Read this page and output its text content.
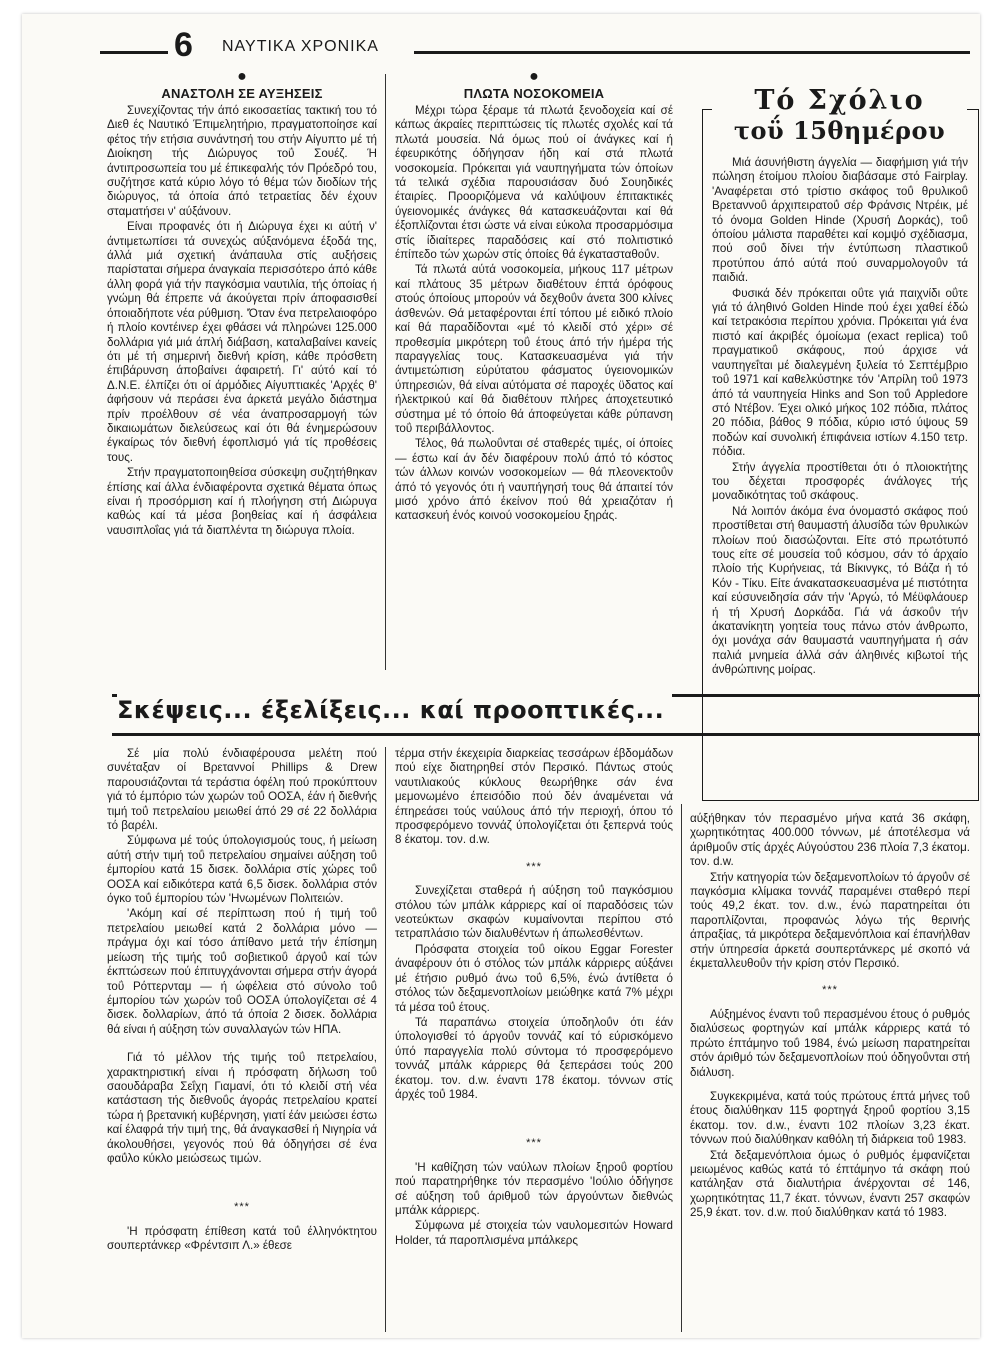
6 ΝΑΥΤΙΚΑ ΧΡΟΝΙΚΑ
●
ΑΝΑΣΤΟΛΗ ΣΕ ΑΥΞΗΣΕΙΣ

Συνεχίζοντας τήν άπό εικοσαετίας τακτική του τό Διεθ ές Ναυτικό Έπιμελητήριο, πραγματοποίησε καί φέτος τήν ετήσια συνάντησή του στήν Αίγυπτο μέ τή Διοίκηση τής Διώρυγος τοΰ Σουέζ. Ή άντιπροσωπεία του μέ έπικεφαλής τόν Πρόεδρό του, συζήτησε κατά κύριο λόγο τό θέμα τών διοδίων τής διώρυγος, τά όποία άπό τετραετίας δέν έχουν σταματήσει ν' αύξάνουν.

Είναι προφανές ότι ή Διώρυγα έχει κι αύτή ν' άντιμετωπίσει τά συνεχώς αύξανόμενα έξοδά της, άλλά μιά σχετική άνάπαυλα στίς αυξήσεις παρίσταται σήμερα άναγκαία περισσότερο άπό κάθε άλλη φορά γιά τήν παγκόσμια ναυτιλία, τής όποίας ή γνώμη θά έπρεπε νά άκούγεται πρίν άποφασισθεί όποιαδήποτε νέα ρύθμιση. 'Όταν ένα πετρελαιοφόρο ή πλοίο κοντέινερ έχει φθάσει νά πληρώνει 125.000 δολλάρια γιά μιά άπλή διάβαση, καταλαβαίνει κανείς ότι μέ τή σημερινή διεθνή κρίση, κάθε πρόσθετη έπιβάρυνση άποβαίνει άφαιρετή. Γι' αύτό καί τό Δ.Ν.Ε. έλπίζει ότι οί άρμόδιες Αίγυπτιακές 'Αρχές θ' άφήσουν νά περάσει ένα άρκετά μεγάλο διάστημα πρίν προέλθουν σέ νέα άναπροσαρμογή τών δικαιωμάτων διελεύσεως καί ότι θά ένημερώσουν έγκαίρως τόν διεθνή έφοπλισμό γιά τίς προθέσεις τους.

Στήν πραγματοποιηθείσα σύσκεψη συζητήθηκαν έπίσης καί άλλα ένδιαφέροντα σχετικά θέματα όπως είναι ή προσόρμιση καί ή πλοήγηση στή Διώρυγα καθώς καί τά μέσα βοηθείας καί ή άσφάλεια ναυσιπλοΐας γιά τά διαπλέντα τη διώρυγα πλοία.

●
ΠΛΩΤΑ ΝΟΣΟΚΟΜΕΙΑ

Μέχρι τώρα ξέραμε τά πλωτά ξενοδοχεία καί σέ κάπως άκραίες περιπτώσεις τίς πλωτές σχολές καί τά πλωτά μουσεία. Νά όμως πού οί άνάγκες καί ή έφευρικότης όδήγησαν ήδη καί στά πλωτά νοσοκομεία. Πρόκειται γιά ναυπηγήματα τών όποίων τά τελικά σχέδια παρουσιάσαν δυό Σουηδικές έταιρίες. Προοριζόμενα νά καλύψουν έπιτακτικές ύγειονομικές άνάγκες θά κατασκευάζονται καί θά έξοπλίζονται έτσι ώστε νά είναι εύκολα προσαρμόσιμα στίς ίδιαίτερες παραδόσεις καί στό πολιτιστικό έπίπεδο τών χωρών στίς όποίες θά έγκατασταθοΰν.

Τά πλωτά αύτά νοσοκομεία, μήκους 117 μέτρων καί πλάτους 35 μέτρων διαθέτουν έπτά όρόφους στούς όποίους μπορούν νά δεχθοΰν άνετα 300 κλίνες άσθενών. Θά μεταφέρονται έπί τόπου μέ ειδικό πλοίο καί θά παραδίδονται «μέ τό κλειδί στό χέρι» σέ προθεσμία μικρότερη τοΰ έτους άπό τήν ήμέρα τής παραγγελίας τους. Κατασκευασμένα γιά τήν άντιμετώπιση εύρύτατου φάσματος ύγειονομικών ύπηρεσιών, θά είναι αύτόματα σέ παροχές ϋδατος καί ήλεκτρικού καί θά διαθέτουν πλήρες άποχετευτικό σύστημα μέ τό όποίο θά άποφεύγεται κάθε ρύπανση τοΰ περιβάλλοντος.

Τέλος, θά πωλοΰνται σέ σταθερές τιμές, οί όποίες — έστω καί άν δέν διαφέρουν πολύ άπό τό κόστος τών άλλων κοινών νοσοκομείων — θά πλεονεκτοΰν άπό τό γεγονός ότι ή ναυπήγησή τους θά άπαιτεί τόν μισό χρόνο άπό έκείνον πού θά χρειαζόταν ή κατασκευή ένός κοινού νοσοκομείου ξηράς.

Τό Σχόλιο
τοΰ 15θημέρου

Μιά άσυνήθιστη άγγελία — διαφήμιση γιά τήν πώληση έτοίμου πλοίου διαβάσαμε στό Fairplay. 'Αναφέρεται στό τρίστιο σκάφος τοΰ θρυλικοΰ Βρεταννοΰ άρχιπειρατοΰ σέρ Φράνσις Ντρέικ, μέ τό όνομα Golden Hinde (Χρυσή Δορκάς), τοΰ όποίου μάλιστα παραθέτει καί κομψό σχέδιασμα, πού σοΰ δίνει τήν έντύπωση πλαστικοΰ προτύπου άπό αύτά πού συναρμολογοΰν τά παιδιά.

Φυσικά δέν πρόκειται οΰτε γιά παιχνίδι οΰτε γιά τό άληθινό Golden Hinde πού έχει χαθεί έδώ καί τετρακόσια περίπου χρόνια. Πρόκειται γιά ένα πιστό καί άκριβές όμοίωμα (exact replica) τοΰ πραγματικοΰ σκάφους, πού άρχισε νά ναυπηγεΐται μέ διαλεγμένη ξυλεία τό Σεπτέμβριο τοΰ 1971 καί καθελκύστηκε τόν 'Απρίλη τοΰ 1973 άπό τά ναυπηγεία Hinks and Son τοΰ Appledore στό Ντέβον. Έχει ολικό μήκος 102 πόδια, πλάτος 20 πόδια, βάθος 9 πόδια, κύριο ιστό ύψους 59 ποδών καί συνολική έπιφάνεια ιστίων 4.150 τετρ. πόδια.

Στήν άγγελία προστίθεται ότι ό πλοιοκτήτης του δέχεται προσφορές άνάλογες τής μοναδικότητας τοΰ σκάφους.

Νά λοιπόν άκόμα ένα όνομαστό σκάφος πού προστίθεται στή θαυμαστή άλυσίδα τών θρυλικών πλοίων πού διασώζονται. Είτε στό πρωτότυπό τους είτε σέ μουσεία τοΰ κόσμου, σάν τό άρχαίο πλοίο τής Κυρήνειας, τά Βίκινγκς, τό Βάζα ή τό Κόν - Τίκυ. Είτε άνακατασκευασμένα μέ πιστότητα καί εύσυνειδησία σάν τήν 'Αργώ, τό Μέϋφλάουερ ή τή Χρυσή Δορκάδα. Γιά νά άσκοΰν τήν άκατανίκητη γοητεία τους πάνω στόν άνθρωπο, όχι μονάχα σάν θαυμαστά ναυπηγήματα ή σάν παλιά μνημεία άλλά σάν άληθινές κιβωτοί τής άνθρώπινης μοίρας.

Σκέψεις... έξελίξεις... καί προοπτικές...

Σέ μία πολύ ένδιαφέρουσα μελέτη πού συνέταξαν οί Βρεταννοί Phillips & Drew παρουσιάζονται τά τεράστια όφέλη πού προκύπτουν γιά τό έμπόριο τών χωρών τοΰ ΟΟΣΑ, έάν ή διεθνής τιμή τοΰ πετρελαίου μειωθεί άπό 29 σέ 22 δολλάρια τό βαρέλι.

Σύμφωνα μέ τούς ύπολογισμούς τους, ή μείωση αύτή στήν τιμή τοΰ πετρελαίου σημαίνει αύξηση τοΰ έμπορίου κατά 15 δισεκ. δολλάρια στίς χώρες τοΰ ΟΟΣΑ καί ειδικότερα κατά 6,5 δισεκ. δολλάρια στόν όγκο τοΰ έμπορίου τών 'Ηνωμένων Πολιτειών.

'Ακόμη καί σέ περίπτωση πού ή τιμή τοΰ πετρελαίου μειωθεί κατά 2 δολλάρια μόνο — πράγμα όχι καί τόσο άπίθανο μετά τήν έπίσημη μείωση τής τιμής τοΰ σοβιετικοΰ άργοΰ καί τών έκπτώσεων πού έπιτυγχάνονται σήμερα στήν άγορά τοΰ Ρόττερνταμ — ή ώφέλεια στό σύνολο τοΰ έμπορίου τών χωρών τοΰ ΟΟΣΑ ύπολογίζεται σέ 4 δισεκ. δολλαρίων, άπό τά όποία 2 δισεκ. δολλάρια θά είναι ή αύξηση τών συναλλαγών τών ΗΠΑ.

Γιά τό μέλλον τής τιμής τοΰ πετρελαίου, χαρακτηριστική είναι ή πρόσφατη δήλωση τοΰ σαουδάραβα Σεΐχη Γιαμανί, ότι τό κλειδί στή νέα κατάσταση τής διεθνοΰς άγοράς πετρελαίου κρατεί τώρα ή βρετανική κυβέρνηση, γιατί έάν μειώσει έστω καί έλαφρά τήν τιμή της, θά άναγκασθεί ή Νιγηρία νά άκολουθήσει, γεγονός πού θά όδηγήσει σέ ένα φαΰλο κύκλο μειώσεως τιμών.

***

'Η πρόσφατη έπίθεση κατά τοΰ έλληνόκτητου σουπερτάνκερ «Φρέντσιπ Λ.» έθεσε

τέρμα στήν έκεχειρία διαρκείας τεσσάρων έβδομάδων πού είχε διατηρηθεί στόν Περσικό. Πάντως στούς ναυτιλιακούς κύκλους θεωρήθηκε σάν ένα μεμονωμένο έπεισόδιο πού δέν άναμένεται νά έπηρεάσει τούς ναύλους άπό τήν περιοχή, όπου τό προσφερόμενο τοννάζ ύπολογίζεται ότι ξεπερνά τούς 8 έκατομ. τον. d.w.

***

Συνεχίζεται σταθερά ή αύξηση τοΰ παγκόσμιου στόλου τών μπάλκ κάρριερς καί οί παραδόσεις τών νεοτεύκτων σκαφών κυμαίνονται περίπου στό τετραπλάσιο τών διαλυθέντων ή άπωλεσθέντων.

Πρόσφατα στοιχεία τοΰ οίκου Eggar Forester άναφέρουν ότι ό στόλος τών μπάλκ κάρριερς αύξάνει μέ έτήσιο ρυθμό άνω τοΰ 6,5%, ένώ άντίθετα ό στόλος τών δεξαμενοπλοίων μειώθηκε κατά 7% μέχρι τά μέσα τοΰ έτους.

Τά παραπάνω στοιχεία ύποδηλοΰν ότι έάν ύπολογισθεί τό άργοΰν τοννάζ καί τό εύρισκόμενο ύπό παραγγελία πολύ σύντομα τό προσφερόμενο τοννάζ μπάλκ κάρριερς θά ξεπεράσει τούς 200 έκατομ. τον. d.w. έναντι 178 έκατομ. τόννων στίς άρχές τοΰ 1984.

***

'Η καθίζηση τών ναύλων πλοίων ξηροΰ φορτίου πού παρατηρήθηκε τόν περασμένο 'Ιούλιο όδήγησε σέ αύξηση τοΰ άριθμοΰ τών άργούντων διεθνώς μπάλκ κάρριερς.

Σύμφωνα μέ στοιχεία τών ναυλομεσιτών Howard Holder, τά παροπλισμένα μπάλκερς

αύξήθηκαν τόν περασμένο μήνα κατά 36 σκάφη, χωρητικότητας 400.000 τόννων, μέ άποτέλεσμα νά άριθμοΰν στίς άρχές Αύγούστου 236 πλοία 7,3 έκατομ. τον. d.w.

Στήν κατηγορία τών δεξαμενοπλοίων τό άργοΰν σέ παγκόσμια κλίμακα τοννάζ παραμένει σταθερό περί τούς 49,2 έκατ. τον. d.w., ένώ παρατηρείται ότι παροπλίζονται, προφανώς λόγω τής θερινής άπραξίας, τά μικρότερα δεξαμενόπλοια καί έπανήλθαν στήν ύπηρεσία άρκετά σουπερτάνκερς μέ σκοπό νά έκμεταλλευθοΰν τήν κρίση στόν Περσικό.

***

Αύξημένος έναντι τοΰ περασμένου έτους ό ρυθμός διαλύσεως φορτηγών καί μπάλκ κάρριερς κατά τό πρώτο έπτάμηνο τοΰ 1984, ένώ μείωση παρατηρείται στόν άριθμό τών δεξαμενοπλοίων πού όδηγοΰνται στή διάλυση.

Συγκεκριμένα, κατά τούς πρώτους έπτά μήνες τοΰ έτους διαλύθηκαν 115 φορτηγά ξηροΰ φορτίου 3,15 έκατομ. τον. d.w., έναντι 102 πλοίων 3,23 έκατ. τόννων πού διαλύθηκαν καθόλη τή διάρκεια τοΰ 1983.

Στά δεξαμενόπλοια όμως ό ρυθμός έμφανίζεται μειωμένος καθώς κατά τό έπτάμηνο τά σκάφη πού κατάληξαν στά διαλυτήρια άνέρχονται σέ 146, χωρητικότητας 11,7 έκατ. τόννων, έναντι 257 σκαφών 25,9 έκατ. τον. d.w. πού διαλύθηκαν κατά τό 1983.
